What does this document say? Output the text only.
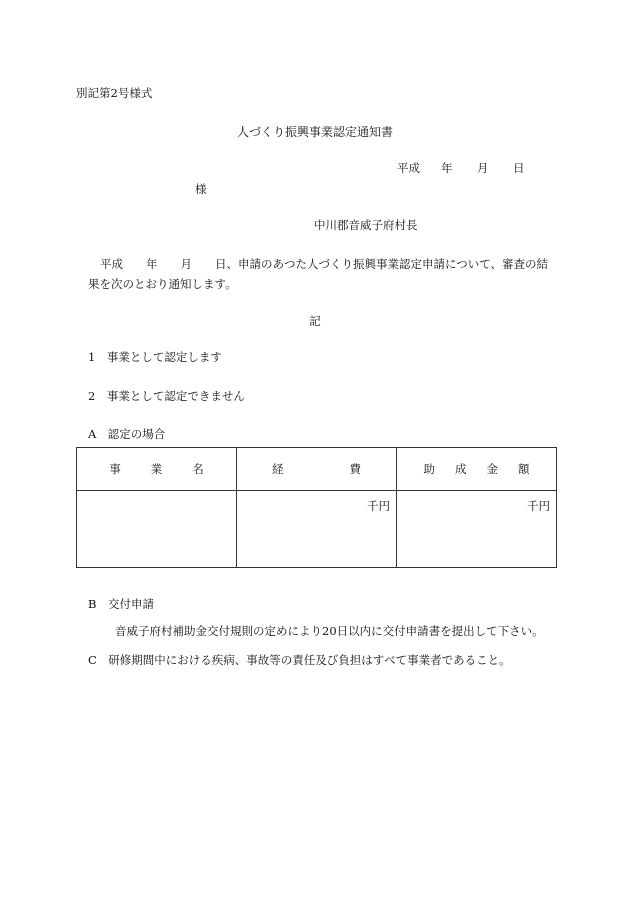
別記第2号様式
人づくり振興事業認定通知書
平成 年 月 日
様
中川郡音威子府村長
平成　　年　　月　　日、申請のあつた人づくり振興事業認定申請について、審査の結果を次のとおり通知します。
記
1　事業として認定します
2　事業として認定できません
A　認定の場合
事業名	経費	助成金額
	千円	千円
B　交付申請
音威子府村補助金交付規則の定めにより20日以内に交付申請書を提出して下さい。
C　研修期間中における疾病、事故等の責任及び負担はすべて事業者であること。
